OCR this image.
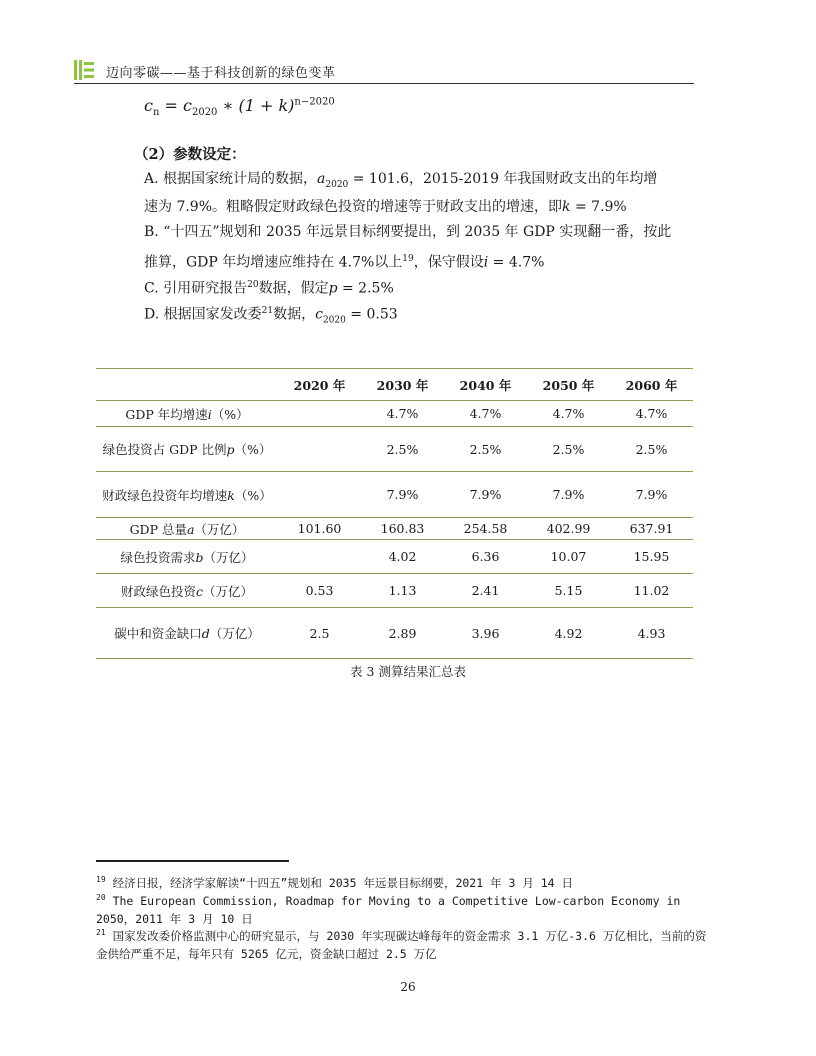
迈向零碳——基于科技创新的绿色变革
$c_n = c_{2020}$ ∗ $(1 + k)^{n-2020}$
（2）参数设定：
A. 根据国家统计局的数据，$a_{2020} = 101.6$，2015-2019 年我国财政支出的年均增
速为 7.9%。粗略假定财政绿色投资的增速等于财政支出的增速，即k = 7.9%
B. “十四五”规划和 2035 年远景目标纲要提出，到 2035 年 GDP 实现翻一番，按此
推算，GDP 年均增速应维持在 4.7%以上$^{19}$，保守假设i = 4.7%
C. 引用研究报告$^{20}$数据，假定p = 2.5%
D. 根据国家发改委$^{21}$数据，$c_{2020} = 0.53$
	2020 年	2030 年	2040 年	2050 年	2060 年
GDP 年均增速i（%）		4.7%	4.7%	4.7%	4.7%
绿色投资占 GDP 比例p（%）		2.5%	2.5%	2.5%	2.5%
财政绿色投资年均增速k（%）		7.9%	7.9%	7.9%	7.9%
GDP 总量a（万亿）	101.60	160.83	254.58	402.99	637.91
绿色投资需求b（万亿）		4.02	6.36	10.07	15.95
财政绿色投资c（万亿）	0.53	1.13	2.41	5.15	11.02
碳中和资金缺口d（万亿）	2.5	2.89	3.96	4.92	4.93
表 3 测算结果汇总表
$^{19}$ 经济日报，经济学家解读“十四五”规划和 2035 年远景目标纲要，2021 年 3 月 14 日
$^{20}$ The European Commission, Roadmap for Moving to a Competitive Low-carbon Economy in 2050，2011 年 3 月 10 日
$^{21}$ 国家发改委价格监测中心的研究显示，与 2030 年实现碳达峰每年的资金需求 3.1 万亿-3.6 万亿相比，当前的资金供给严重不足，每年只有 5265 亿元，资金缺口超过 2.5 万亿
26
